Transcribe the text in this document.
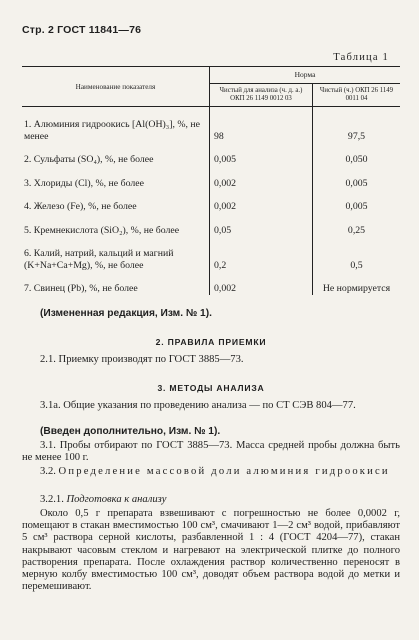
Стр. 2 ГОСТ 11841—76
Таблица 1
Наименование показателя	Норма	
	Чистый для анализа (ч. д. а.) ОКП 26 1149 0012 03	Чистый (ч.) ОКП 26 1149 0011 04

1. Алюминия гидроокись [Al(OH)₃], %, не менее	98	97,5

2. Сульфаты (SO₄), %, не более	0,005	0,050

3. Хлориды (Cl), %, не более	0,002	0,005

4. Железо (Fe), %, не более	0,002	0,005

5. Кремнекислота (SiO₂), %, не более	0,05	0,25

6. Калий, натрий, кальций и магний (K+Na+Ca+Mg), %, не более	0,2	0,5

7. Свинец (Pb), %, не более	0,002	Не нормируется

(Измененная редакция, Изм. № 1).

2. ПРАВИЛА ПРИЕМКИ

2.1. Приемку производят по ГОСТ 3885—73.

3. МЕТОДЫ АНАЛИЗА

3.1а. Общие указания по проведению анализа — по СТ СЭВ 804—77.

(Введен дополнительно, Изм. № 1).

3.1. Пробы отбирают по ГОСТ 3885—73. Масса средней пробы должна быть не менее 100 г.

3.2. Определение массовой доли алюминия гидроокиси

3.2.1. Подготовка к анализу

Около 0,5 г препарата взвешивают с погрешностью не более 0,0002 г, помещают в стакан вместимостью 100 см³, смачивают 1—2 см³ водой, прибавляют 5 см³ раствора серной кислоты, разбавленной 1 : 4 (ГОСТ 4204—77), стакан накрывают часовым стеклом и нагревают на электрической плитке до полного растворения препарата. После охлаждения раствор количественно переносят в мерную колбу вместимостью 100 см³, доводят объем раствора водой до метки и перемешивают.
